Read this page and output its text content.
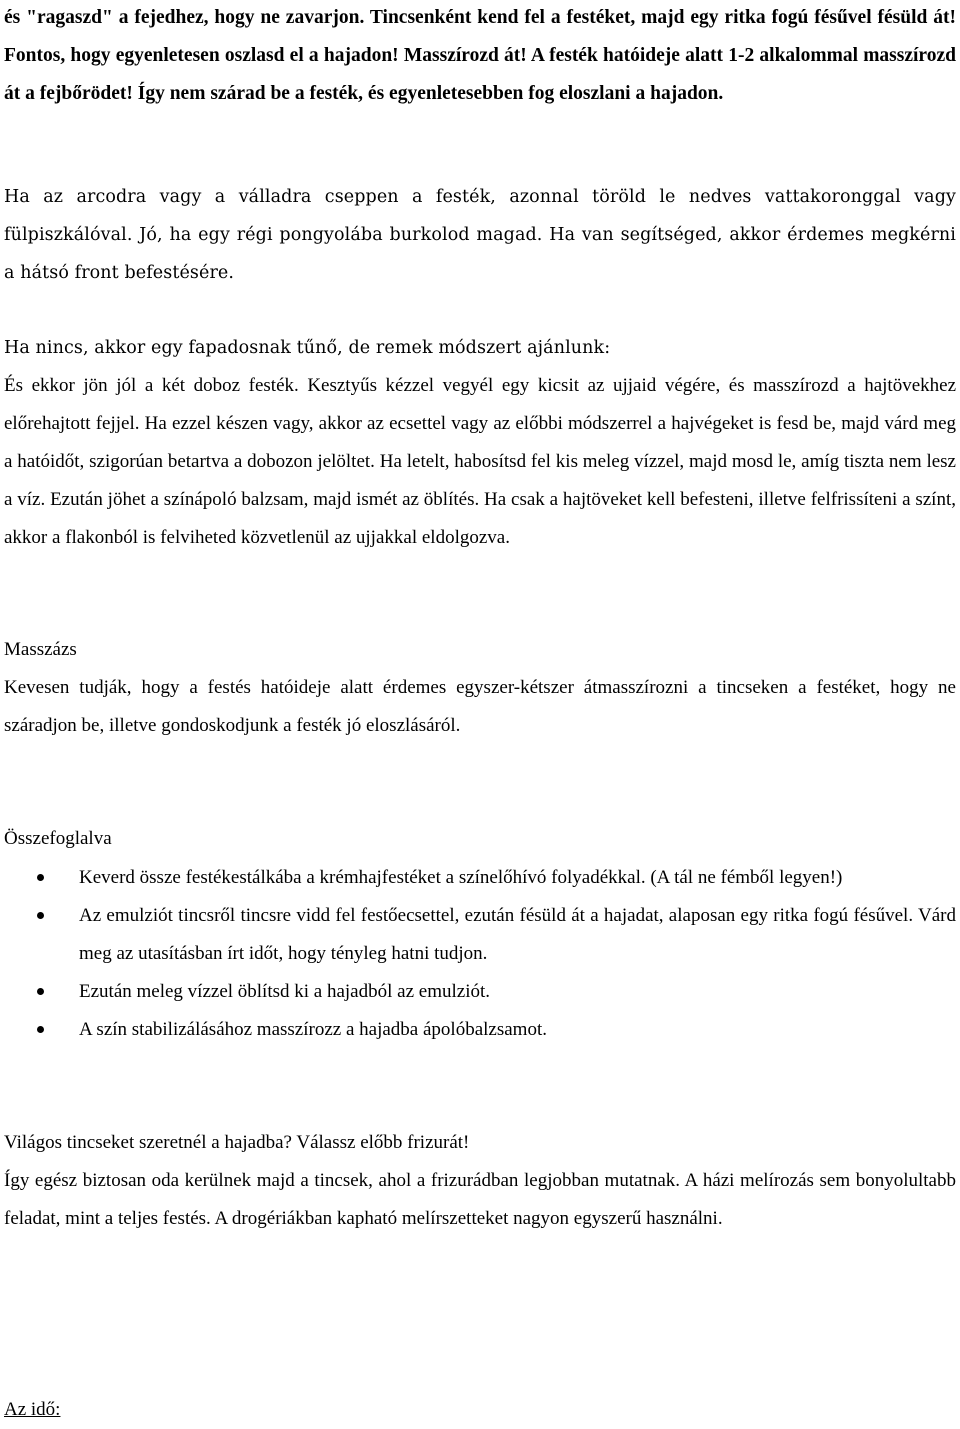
és "ragaszd" a fejedhez, hogy ne zavarjon. Tincsenként kend fel a festéket, majd egy ritka fogú fésűvel fésüld át! Fontos, hogy egyenletesen oszlasd el a hajadon! Masszírozd át! A festék hatóideje alatt 1-2 alkalommal masszírozd át a fejbőrödet! Így nem szárad be a festék, és egyenletesebben fog eloszlani a hajadon.

Ha az arcodra vagy a válladra cseppen a festék, azonnal töröld le nedves vattakoronggal vagy fülpiszkálóval. Jó, ha egy régi pongyolába burkolod magad. Ha van segítséged, akkor érdemes megkérni a hátsó front befestésére.

Ha nincs, akkor egy fapadosnak tűnő, de remek módszert ajánlunk:

És ekkor jön jól a két doboz festék. Kesztyűs kézzel vegyél egy kicsit az ujjaid végére, és masszírozd a hajtövekhez előrehajtott fejjel. Ha ezzel készen vagy, akkor az ecsettel vagy az előbbi módszerrel a hajvégeket is fesd be, majd várd meg a hatóidőt, szigorúan betartva a dobozon jelöltet. Ha letelt, habosítsd fel kis meleg vízzel, majd mosd le, amíg tiszta nem lesz a víz. Ezután jöhet a színápoló balzsam, majd ismét az öblítés. Ha csak a hajtöveket kell befesteni, illetve felfrissíteni a színt, akkor a flakonból is felviheted közvetlenül az ujjakkal eldolgozva.

Masszázs

Kevesen tudják, hogy a festés hatóideje alatt érdemes egyszer-kétszer átmasszírozni a tincseken a festéket, hogy ne száradjon be, illetve gondoskodjunk a festék jó eloszlásáról.

Összefoglalva

Keverd össze festékestálkába a krémhajfestéket a színelőhívó folyadékkal. (A tál ne fémből legyen!)
Az emulziót tincsről tincsre vidd fel festőecsettel, ezután fésüld át a hajadat, alaposan egy ritka fogú fésűvel. Várd meg az utasításban írt időt, hogy tényleg hatni tudjon.
Ezután meleg vízzel öblítsd ki a hajadból az emulziót.
A szín stabilizálásához masszírozz a hajadba ápolóbalzsamot.

Világos tincseket szeretnél a hajadba? Válassz előbb frizurát!

Így egész biztosan oda kerülnek majd a tincsek, ahol a frizurádban legjobban mutatnak. A házi melírozás sem bonyolultabb feladat, mint a teljes festés. A drogériákban kapható melírszetteket nagyon egyszerű használni.

Az idő:
